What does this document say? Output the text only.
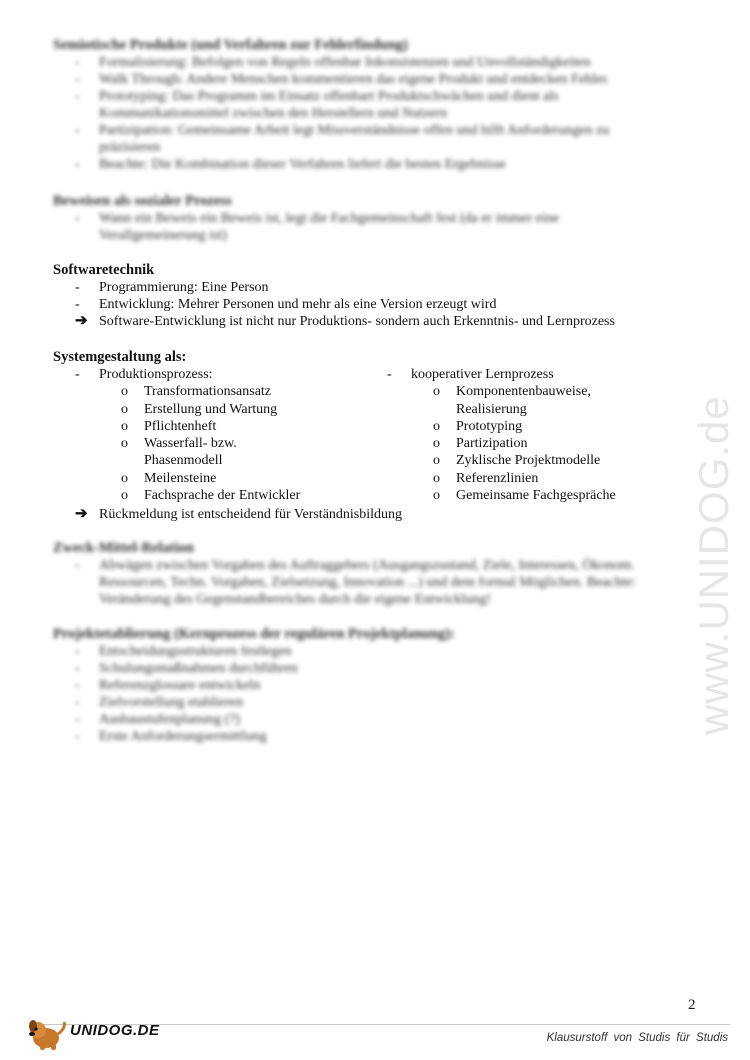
www.UNIDOG.de
Semiotische Produkte (und Verfahren zur Fehlerfindung)
- Formalisierung: Befolgen von Regeln offenbar Inkonsistenzen und Unvollständigkeiten
- Walk Through: Andere Menschen kommentieren das eigene Produkt und entdecken Fehler.
- Prototyping: Das Programm im Einsatz offenbart Produktschwächen und dient als
Kommunikationsmittel zwischen den Herstellern und Nutzern
- Partizipation: Gemeinsame Arbeit legt Missverständnisse offen und hilft Anforderungen zu
präzisieren
- Beachte: Die Kombination dieser Verfahren liefert die besten Ergebnisse
Beweisen als sozialer Prozess
- Wann ein Beweis ein Beweis ist, legt die Fachgemeinschaft fest (da er immer eine
Verallgemeinerung ist)
Softwaretechnik
- Programmierung: Eine Person
- Entwicklung: Mehrer Personen und mehr als eine Version erzeugt wird
➔ Software-Entwicklung ist nicht nur Produktions- sondern auch Erkenntnis- und Lernprozess
Systemgestaltung als:
- Produktionsprozess:
o Transformationsansatz
o Erstellung und Wartung
o Pflichtenheft
o Wasserfall- bzw. Phasenmodell
o Meilensteine
o Fachsprache der Entwickler
- kooperativer Lernprozess
o Komponentenbauweise, Realisierung
o Prototyping
o Partizipation
o Zyklische Projektmodelle
o Referenzlinien
o Gemeinsame Fachgespräche
➔ Rückmeldung ist entscheidend für Verständnisbildung
Zweck-Mittel-Relation
- Abwägen zwischen Vorgaben des Auftraggebers (Ausgangszustand, Ziele, Interessen, Ökonom.
Ressourcen, Techn. Vorgaben, Zielsetzung, Innovation ...) und dem formal Möglichen. Beachte:
Veränderung des Gegenstandbereiches durch die eigene Entwicklung!
Projektetablierung (Kernprozess der regulären Projektplanung):
- Entscheidungsstrukturen festlegen
- Schulungsmaßnahmen durchführen
- Referenzglossare entwickeln
- Zielvorstellung etablieren
- Ausbaustufenplanung (?)
- Erste Anforderungsermittlung
2
UNIDOG.DE	Klausurstoff von Studis für Studis
